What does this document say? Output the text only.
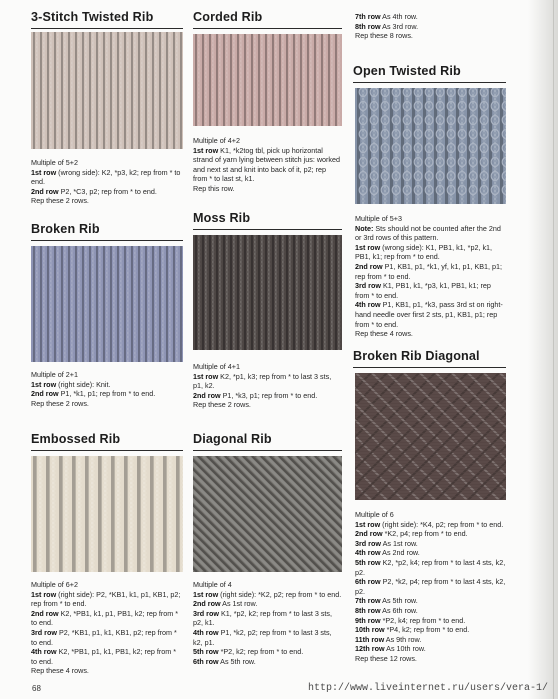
3-Stitch Twisted Rib

Multiple of 5+2

1st row (wrong side): K2, *p3, k2; rep from * to end.

2nd row P2, *C3, p2; rep from * to end.

Rep these 2 rows.

Broken Rib

Multiple of 2+1

1st row (right side): Knit.

2nd row P1, *k1, p1; rep from * to end.

Rep these 2 rows.

Embossed Rib

Multiple of 6+2

1st row (right side): P2, *KB1, k1, p1, KB1, p2; rep from * to end.

2nd row K2, *PB1, k1, p1, PB1, k2; rep from * to end.

3rd row P2, *KB1, p1, k1, KB1, p2; rep from * to end.

4th row K2, *PB1, p1, k1, PB1, k2; rep from * to end.

Rep these 4 rows.

68
Corded Rib

Multiple of 4+2

1st row K1, *k2tog tbl, pick up horizontal strand of yarn lying between stitch jus: worked and next st and knit into back of it, p2; rep from * to last st, k1.

Rep this row.

Moss Rib

Multiple of 4+1

1st row K2, *p1, k3; rep from * to last 3 sts, p1, k2.

2nd row P1, *k3, p1; rep from * to end.

Rep these 2 rows.

Diagonal Rib

Multiple of 4

1st row (right side): *K2, p2; rep from * to end.

2nd row As 1st row.

3rd row K1, *p2, k2; rep from * to last 3 sts, p2, k1.

4th row P1, *k2, p2; rep from * to last 3 sts, k2, p1.

5th row *P2, k2; rep from * to end.

6th row As 5th row.

7th row As 4th row.

8th row As 3rd row.

Rep these 8 rows.

Open Twisted Rib

Multiple of 5+3

Note: Sts should not be counted after the 2nd or 3rd rows of this pattern.

1st row (wrong side): K1, PB1, k1, *p2, k1, PB1, k1; rep from * to end.

2nd row P1, KB1, p1, *k1, yf, k1, p1, KB1, p1; rep from * to end.

3rd row K1, PB1, k1, *p3, k1, PB1, k1; rep from * to end.

4th row P1, KB1, p1, *k3, pass 3rd st on right-hand needle over first 2 sts, p1, KB1, p1; rep from * to end.

Rep these 4 rows.

Broken Rib Diagonal

Multiple of 6

1st row (right side): *K4, p2; rep from * to end.

2nd row *K2, p4; rep from * to end.

3rd row As 1st row.

4th row As 2nd row.

5th row K2, *p2, k4; rep from * to last 4 sts, k2, p2.

6th row P2, *k2, p4; rep from * to last 4 sts, k2, p2.

7th row As 5th row.

8th row As 6th row.

9th row *P2, k4; rep from * to end.

10th row *P4, k2; rep from * to end.

11th row As 9th row.

12th row As 10th row.

Rep these 12 rows.

http://www.liveinternet.ru/users/vera-1/
